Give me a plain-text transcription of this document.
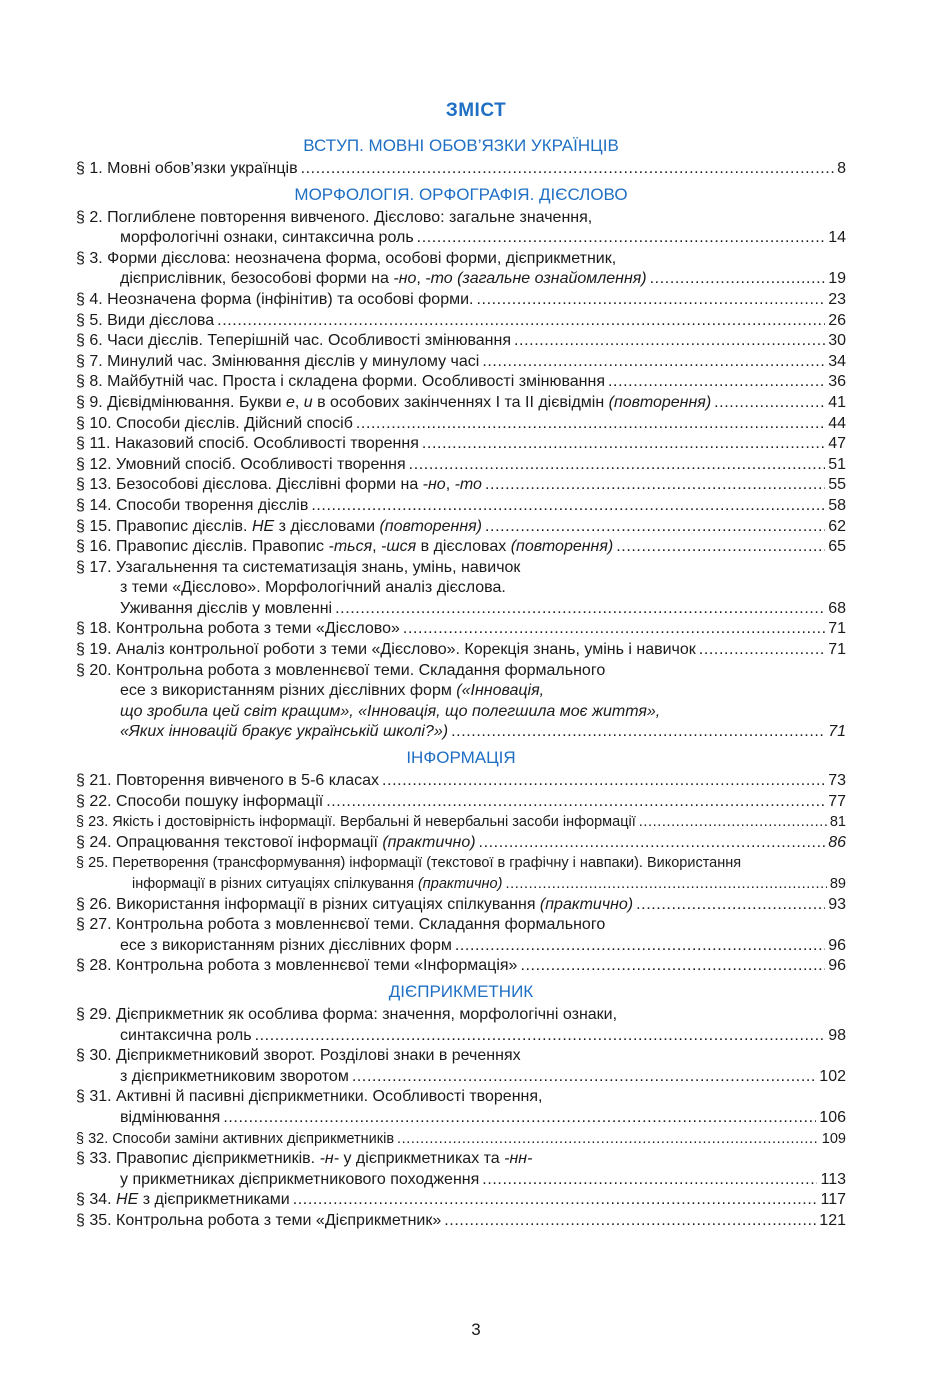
ЗМІСТ
ВСТУП. МОВНІ ОБОВ’ЯЗКИ УКРАЇНЦІВ
§ 1. Мовні обов’язки українців .....	8
МОРФОЛОГІЯ. ОРФОГРАФІЯ. ДІЄСЛОВО
§ 2. Поглиблене повторення вивченого. Дієслово: загальне значення,
морфологічні ознаки, синтаксична роль .....	14
§ 3. Форми дієслова: неозначена форма, особові форми, дієприкметник,
дієприслівник, безособові форми на -но, -то (загальне ознайомлення) .....	19
§ 4. Неозначена форма (інфінітив) та особові форми. .....	23
§ 5. Види дієслова .....	26
§ 6. Часи дієслів. Теперішній час. Особливості змінювання .....	30
§ 7. Минулий час. Змінювання дієслів у минулому часі .....	34
§ 8. Майбутній час. Проста і складена форми. Особливості змінювання .....	36
§ 9. Дієвідмінювання. Букви е, и в особових закінченнях I та II дієвідмін (повторення) .....	41
§ 10. Способи дієслів. Дійсний спосіб .....	44
§ 11. Наказовий спосіб. Особливості творення .....	47
§ 12. Умовний спосіб. Особливості творення .....	51
§ 13. Безособові дієслова. Дієслівні форми на -но, -то .....	55
§ 14. Способи творення дієслів .....	58
§ 15. Правопис дієслів. НЕ з дієсловами (повторення) .....	62
§ 16. Правопис дієслів. Правопис -ться, -шся в дієсловах (повторення) .....	65
§ 17. Узагальнення та систематизація знань, умінь, навичок
з теми «Дієслово». Морфологічний аналіз дієслова.
Уживання дієслів у мовленні .....	68
§ 18. Контрольна робота з теми «Дієслово» .....	71
§ 19. Аналіз контрольної роботи з теми «Дієслово». Корекція знань, умінь і навичок .....	71
§ 20. Контрольна робота з мовленнєвої теми. Складання формального
есе з використанням різних дієслівних форм («Інновація,
що зробила цей світ кращим», «Інновація, що полегшила моє життя»,
«Яких інновацій бракує українській школі?») .....	71
ІНФОРМАЦІЯ
§ 21. Повторення вивченого в 5-6 класах .....	73
§ 22. Способи пошуку інформації .....	77
§ 23. Якість і достовірність інформації. Вербальні й невербальні засоби інформації .....	81
§ 24. Опрацювання текстової інформації (практично) .....	86
§ 25. Перетворення (трансформування) інформації (текстової в графічну і навпаки). Використання
інформації в різних ситуаціях спілкування (практично) .....	89
§ 26. Використання інформації в різних ситуаціях спілкування (практично) .....	93
§ 27. Контрольна робота з мовленнєвої теми. Складання формального
есе з використанням різних дієслівних форм .....	96
§ 28. Контрольна робота з мовленнєвої теми «Інформація» .....	96
ДІЄПРИКМЕТНИК
§ 29. Дієприкметник як особлива форма: значення, морфологічні ознаки,
синтаксична роль .....	98
§ 30. Дієприкметниковий зворот. Розділові знаки в реченнях
з дієприкметниковим зворотом .....	102
§ 31. Активні й пасивні дієприкметники. Особливості творення,
відмінювання .....	106
§ 32. Способи заміни активних дієприкметників .....	109
§ 33. Правопис дієприкметників. -н- у дієприкметниках та -нн-
у прикметниках дієприкметникового походження .....	113
§ 34. НЕ з дієприкметниками .....	117
§ 35. Контрольна робота з теми «Дієприкметник» .....	121
3
